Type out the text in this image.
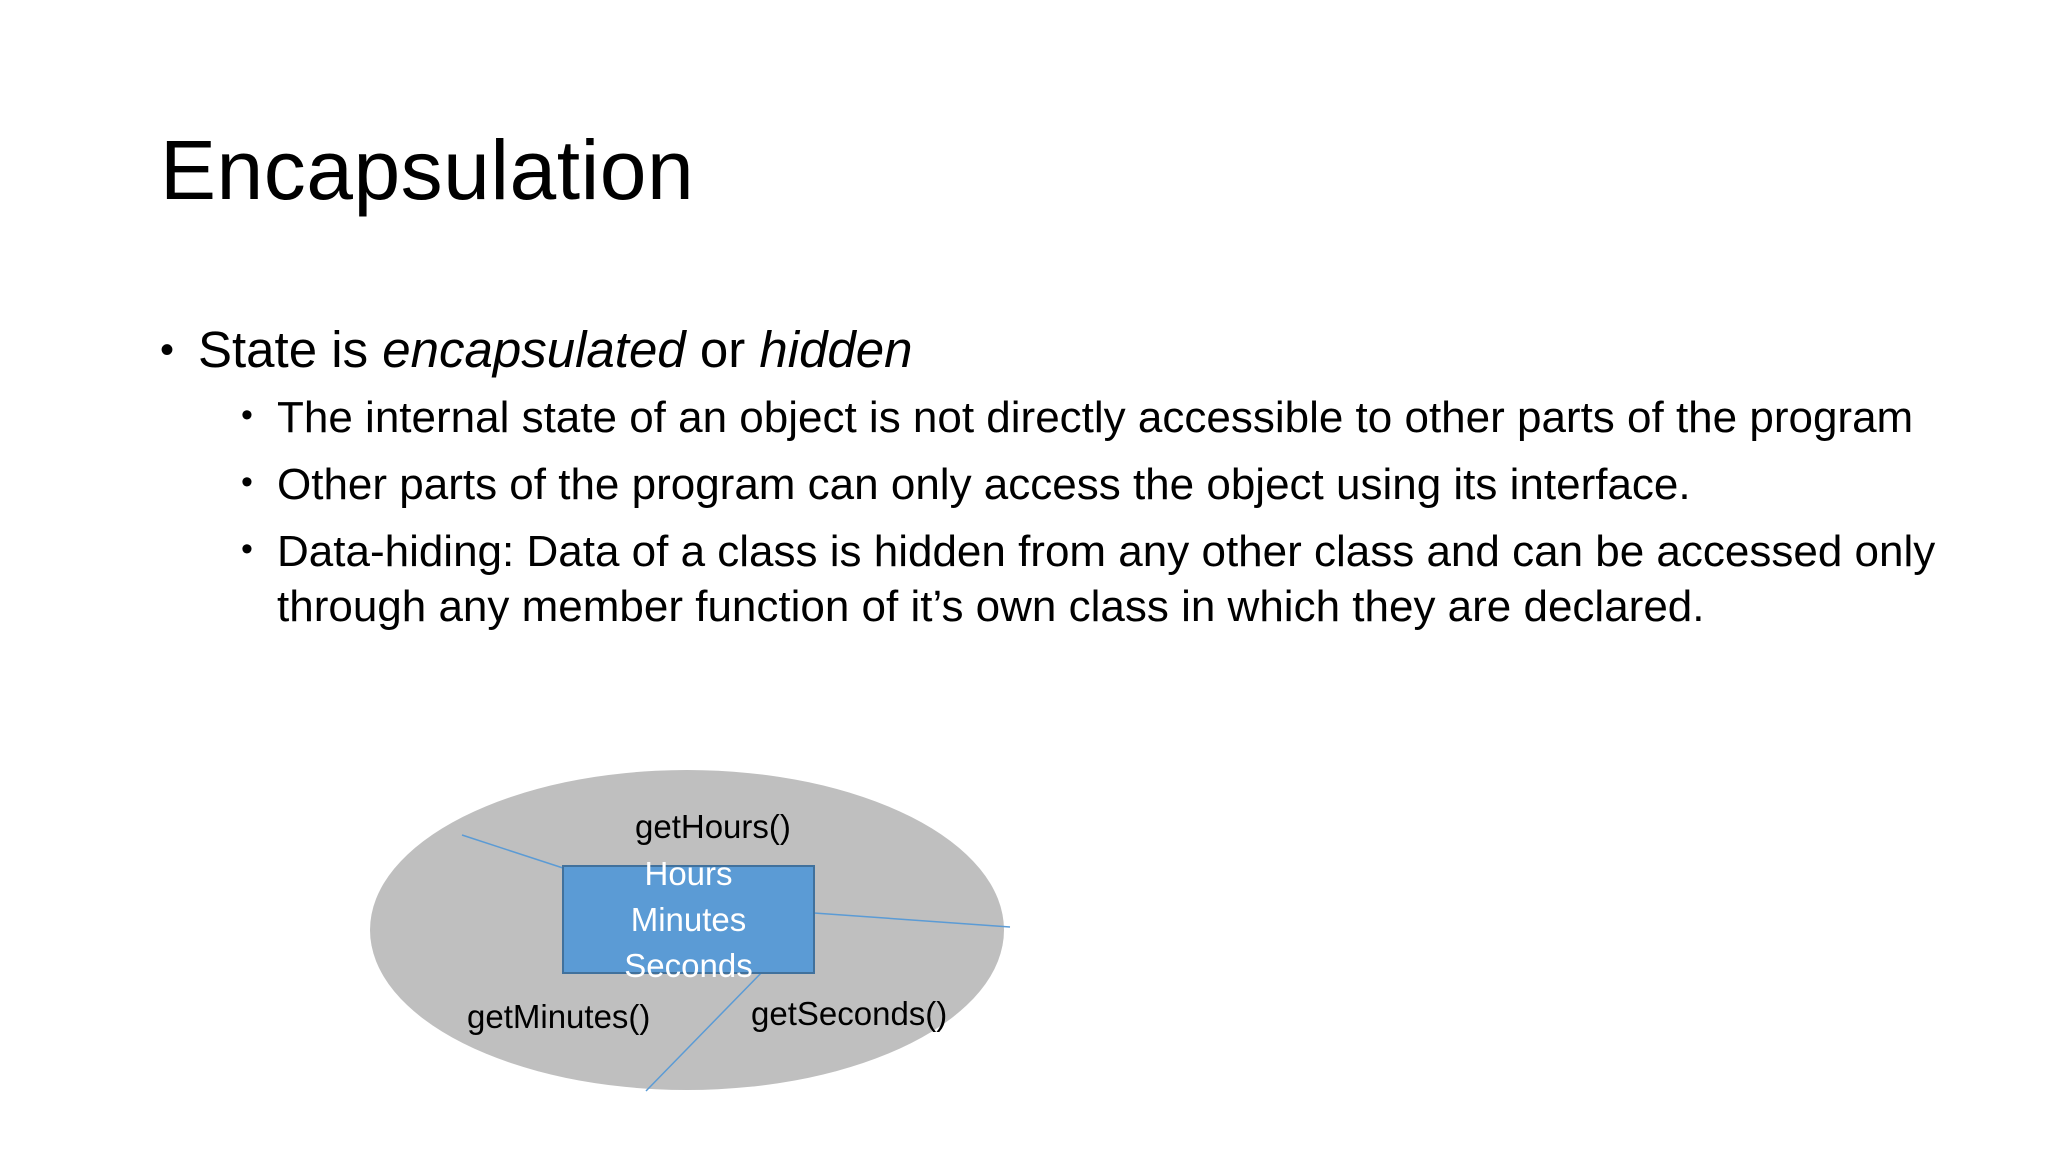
Encapsulation
• State is encapsulated or hidden
• The internal state of an object is not directly accessible to other parts of the program
• Other parts of the program can only access the object using its interface.
• Data-hiding: Data of a class is hidden from any other class and can be accessed only through any member function of it’s own class in which they are declared.
getHours()
getMinutes()	getSeconds()
Hours
Minutes
Seconds
